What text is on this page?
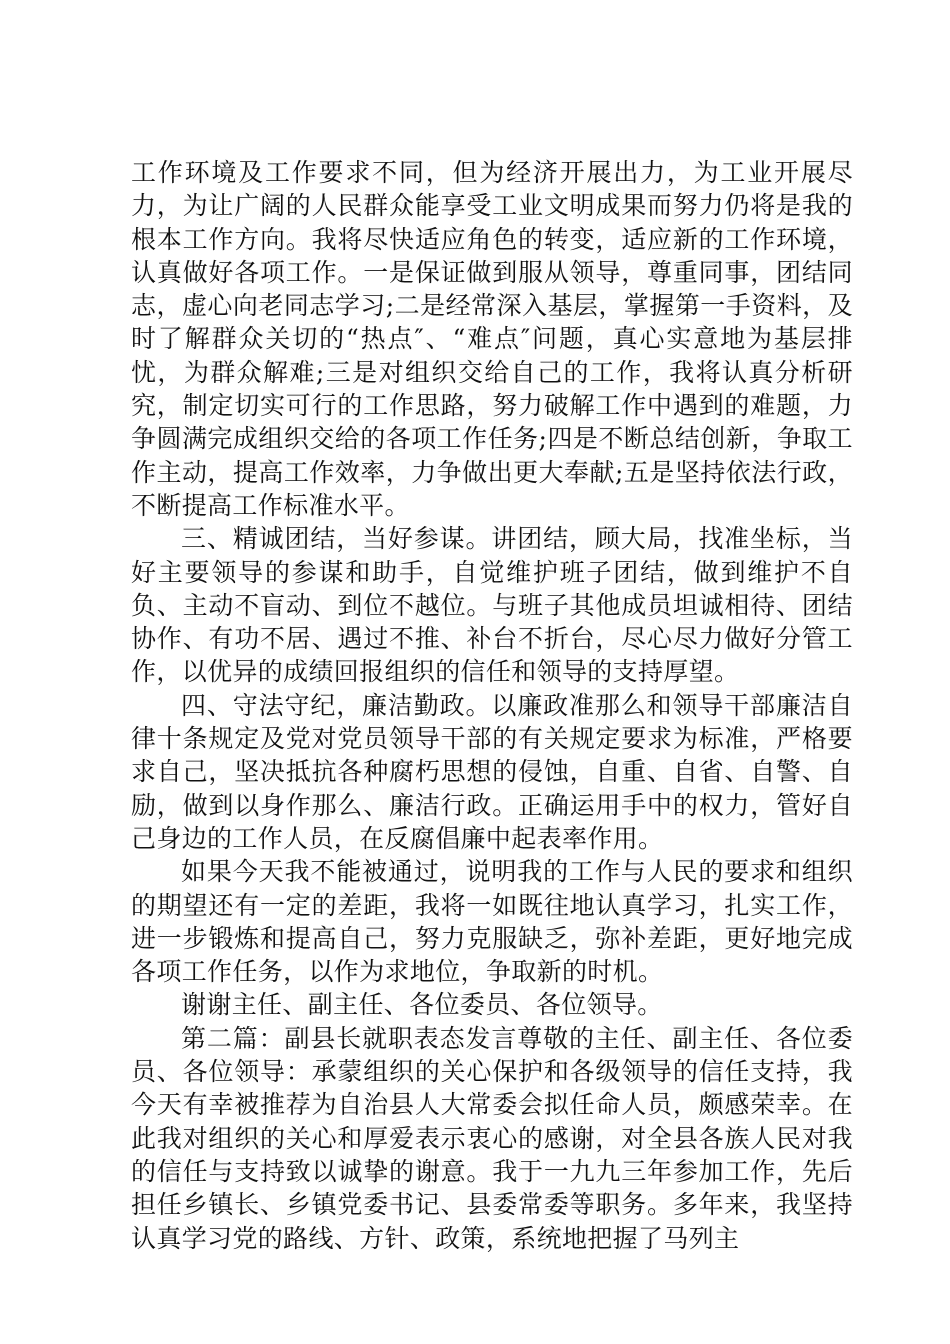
工作环境及工作要求不同，但为经济开展出力，为工业开展尽力，为让广阔的人民群众能享受工业文明成果而努力仍将是我的根本工作方向。我将尽快适应角色的转变，适应新的工作环境，认真做好各项工作。一是保证做到服从领导，尊重同事，团结同志，虚心向老同志学习;二是经常深入基层，掌握第一手资料，及时了解群众关切的“热点″、“难点″问题，真心实意地为基层排忧，为群众解难;三是对组织交给自己的工作，我将认真分析研究，制定切实可行的工作思路，努力破解工作中遇到的难题，力争圆满完成组织交给的各项工作任务;四是不断总结创新，争取工作主动，提高工作效率，力争做出更大奉献;五是坚持依法行政，不断提高工作标准水平。

三、精诚团结，当好参谋。讲团结，顾大局，找准坐标，当好主要领导的参谋和助手，自觉维护班子团结，做到维护不自负、主动不盲动、到位不越位。与班子其他成员坦诚相待、团结协作、有功不居、遇过不推、补台不折台，尽心尽力做好分管工作，以优异的成绩回报组织的信任和领导的支持厚望。

四、守法守纪，廉洁勤政。以廉政准那么和领导干部廉洁自律十条规定及党对党员领导干部的有关规定要求为标准，严格要求自己，坚决抵抗各种腐朽思想的侵蚀，自重、自省、自警、自励，做到以身作那么、廉洁行政。正确运用手中的权力，管好自己身边的工作人员，在反腐倡廉中起表率作用。

如果今天我不能被通过，说明我的工作与人民的要求和组织的期望还有一定的差距，我将一如既往地认真学习，扎实工作，进一步锻炼和提高自己，努力克服缺乏，弥补差距，更好地完成各项工作任务，以作为求地位，争取新的时机。

谢谢主任、副主任、各位委员、各位领导。

第二篇：副县长就职表态发言尊敬的主任、副主任、各位委员、各位领导：承蒙组织的关心保护和各级领导的信任支持，我今天有幸被推荐为自治县人大常委会拟任命人员，颇感荣幸。在此我对组织的关心和厚爱表示衷心的感谢，对全县各族人民对我的信任与支持致以诚挚的谢意。我于一九九三年参加工作，先后担任乡镇长、乡镇党委书记、县委常委等职务。多年来，我坚持认真学习党的路线、方针、政策，系统地把握了马列主
